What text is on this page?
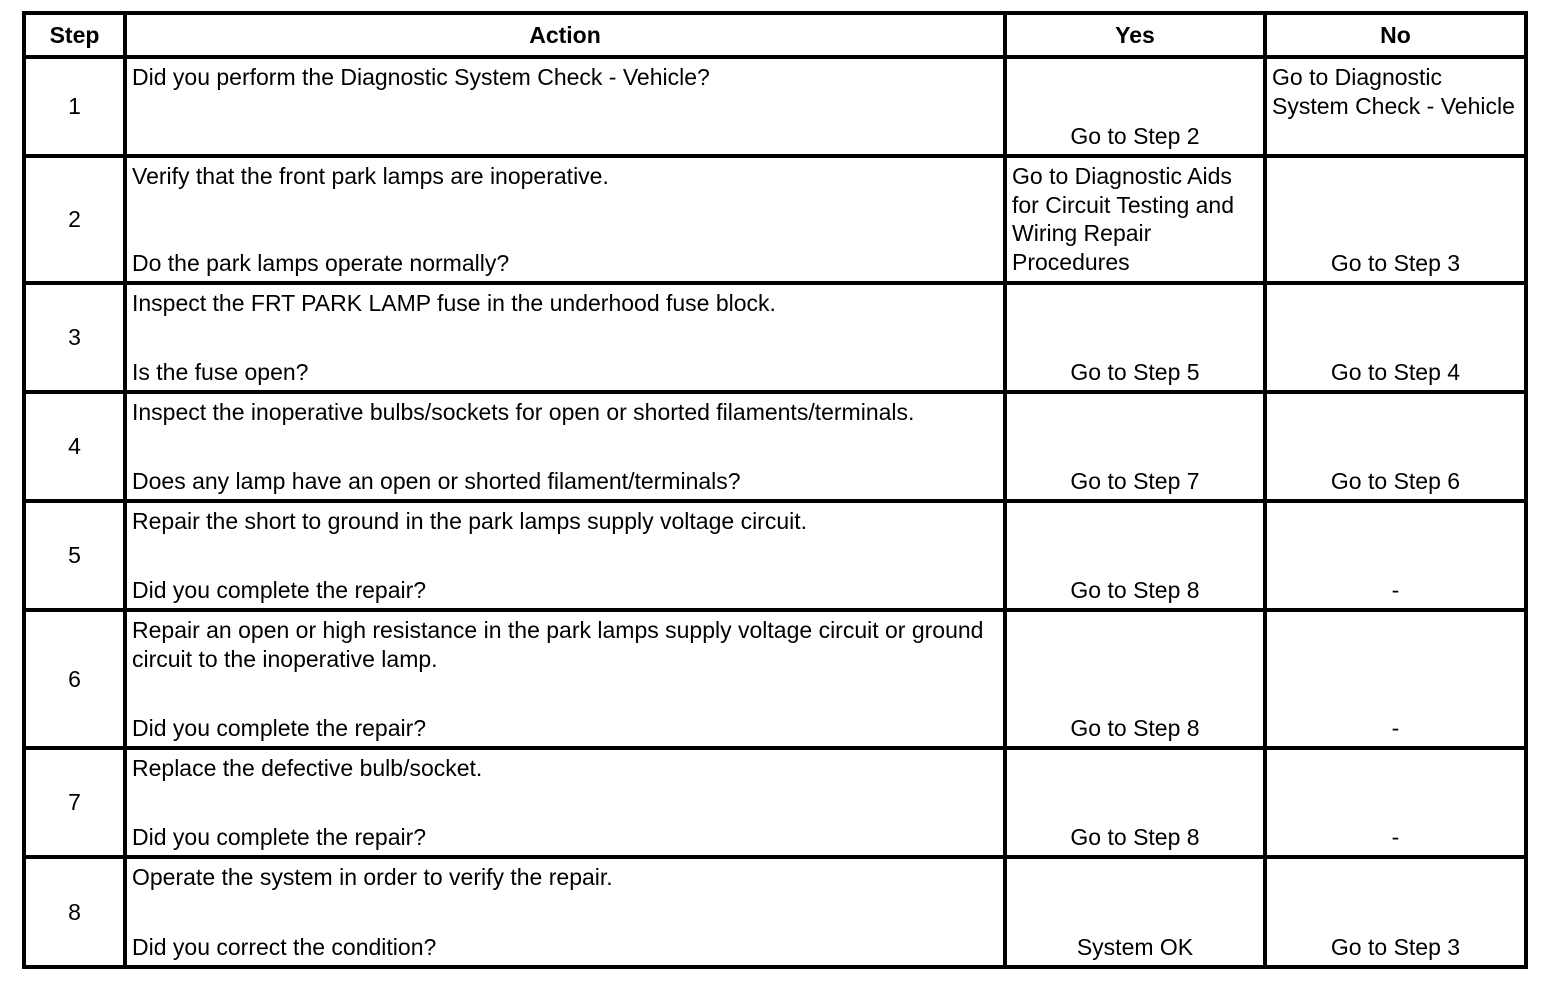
Step	Action	Yes	No
1	Did you perform the Diagnostic System Check - Vehicle?	Go to Step 2	Go to Diagnostic System Check - Vehicle

2	Verify that the front park lamps are inoperative.
Do the park lamps operate normally?	Go to Diagnostic Aids for Circuit Testing and Wiring Repair Procedures	Go to Step 3

3	Inspect the FRT PARK LAMP fuse in the underhood fuse block.
Is the fuse open?	Go to Step 5	Go to Step 4

4	Inspect the inoperative bulbs/sockets for open or shorted filaments/terminals.
Does any lamp have an open or shorted filament/terminals?	Go to Step 7	Go to Step 6

5	Repair the short to ground in the park lamps supply voltage circuit.
Did you complete the repair?	Go to Step 8	-

6	Repair an open or high resistance in the park lamps supply voltage circuit or ground circuit to the inoperative lamp.
Did you complete the repair?	Go to Step 8	-

7	Replace the defective bulb/socket.
Did you complete the repair?	Go to Step 8	-

8	Operate the system in order to verify the repair.
Did you correct the condition?	System OK	Go to Step 3
